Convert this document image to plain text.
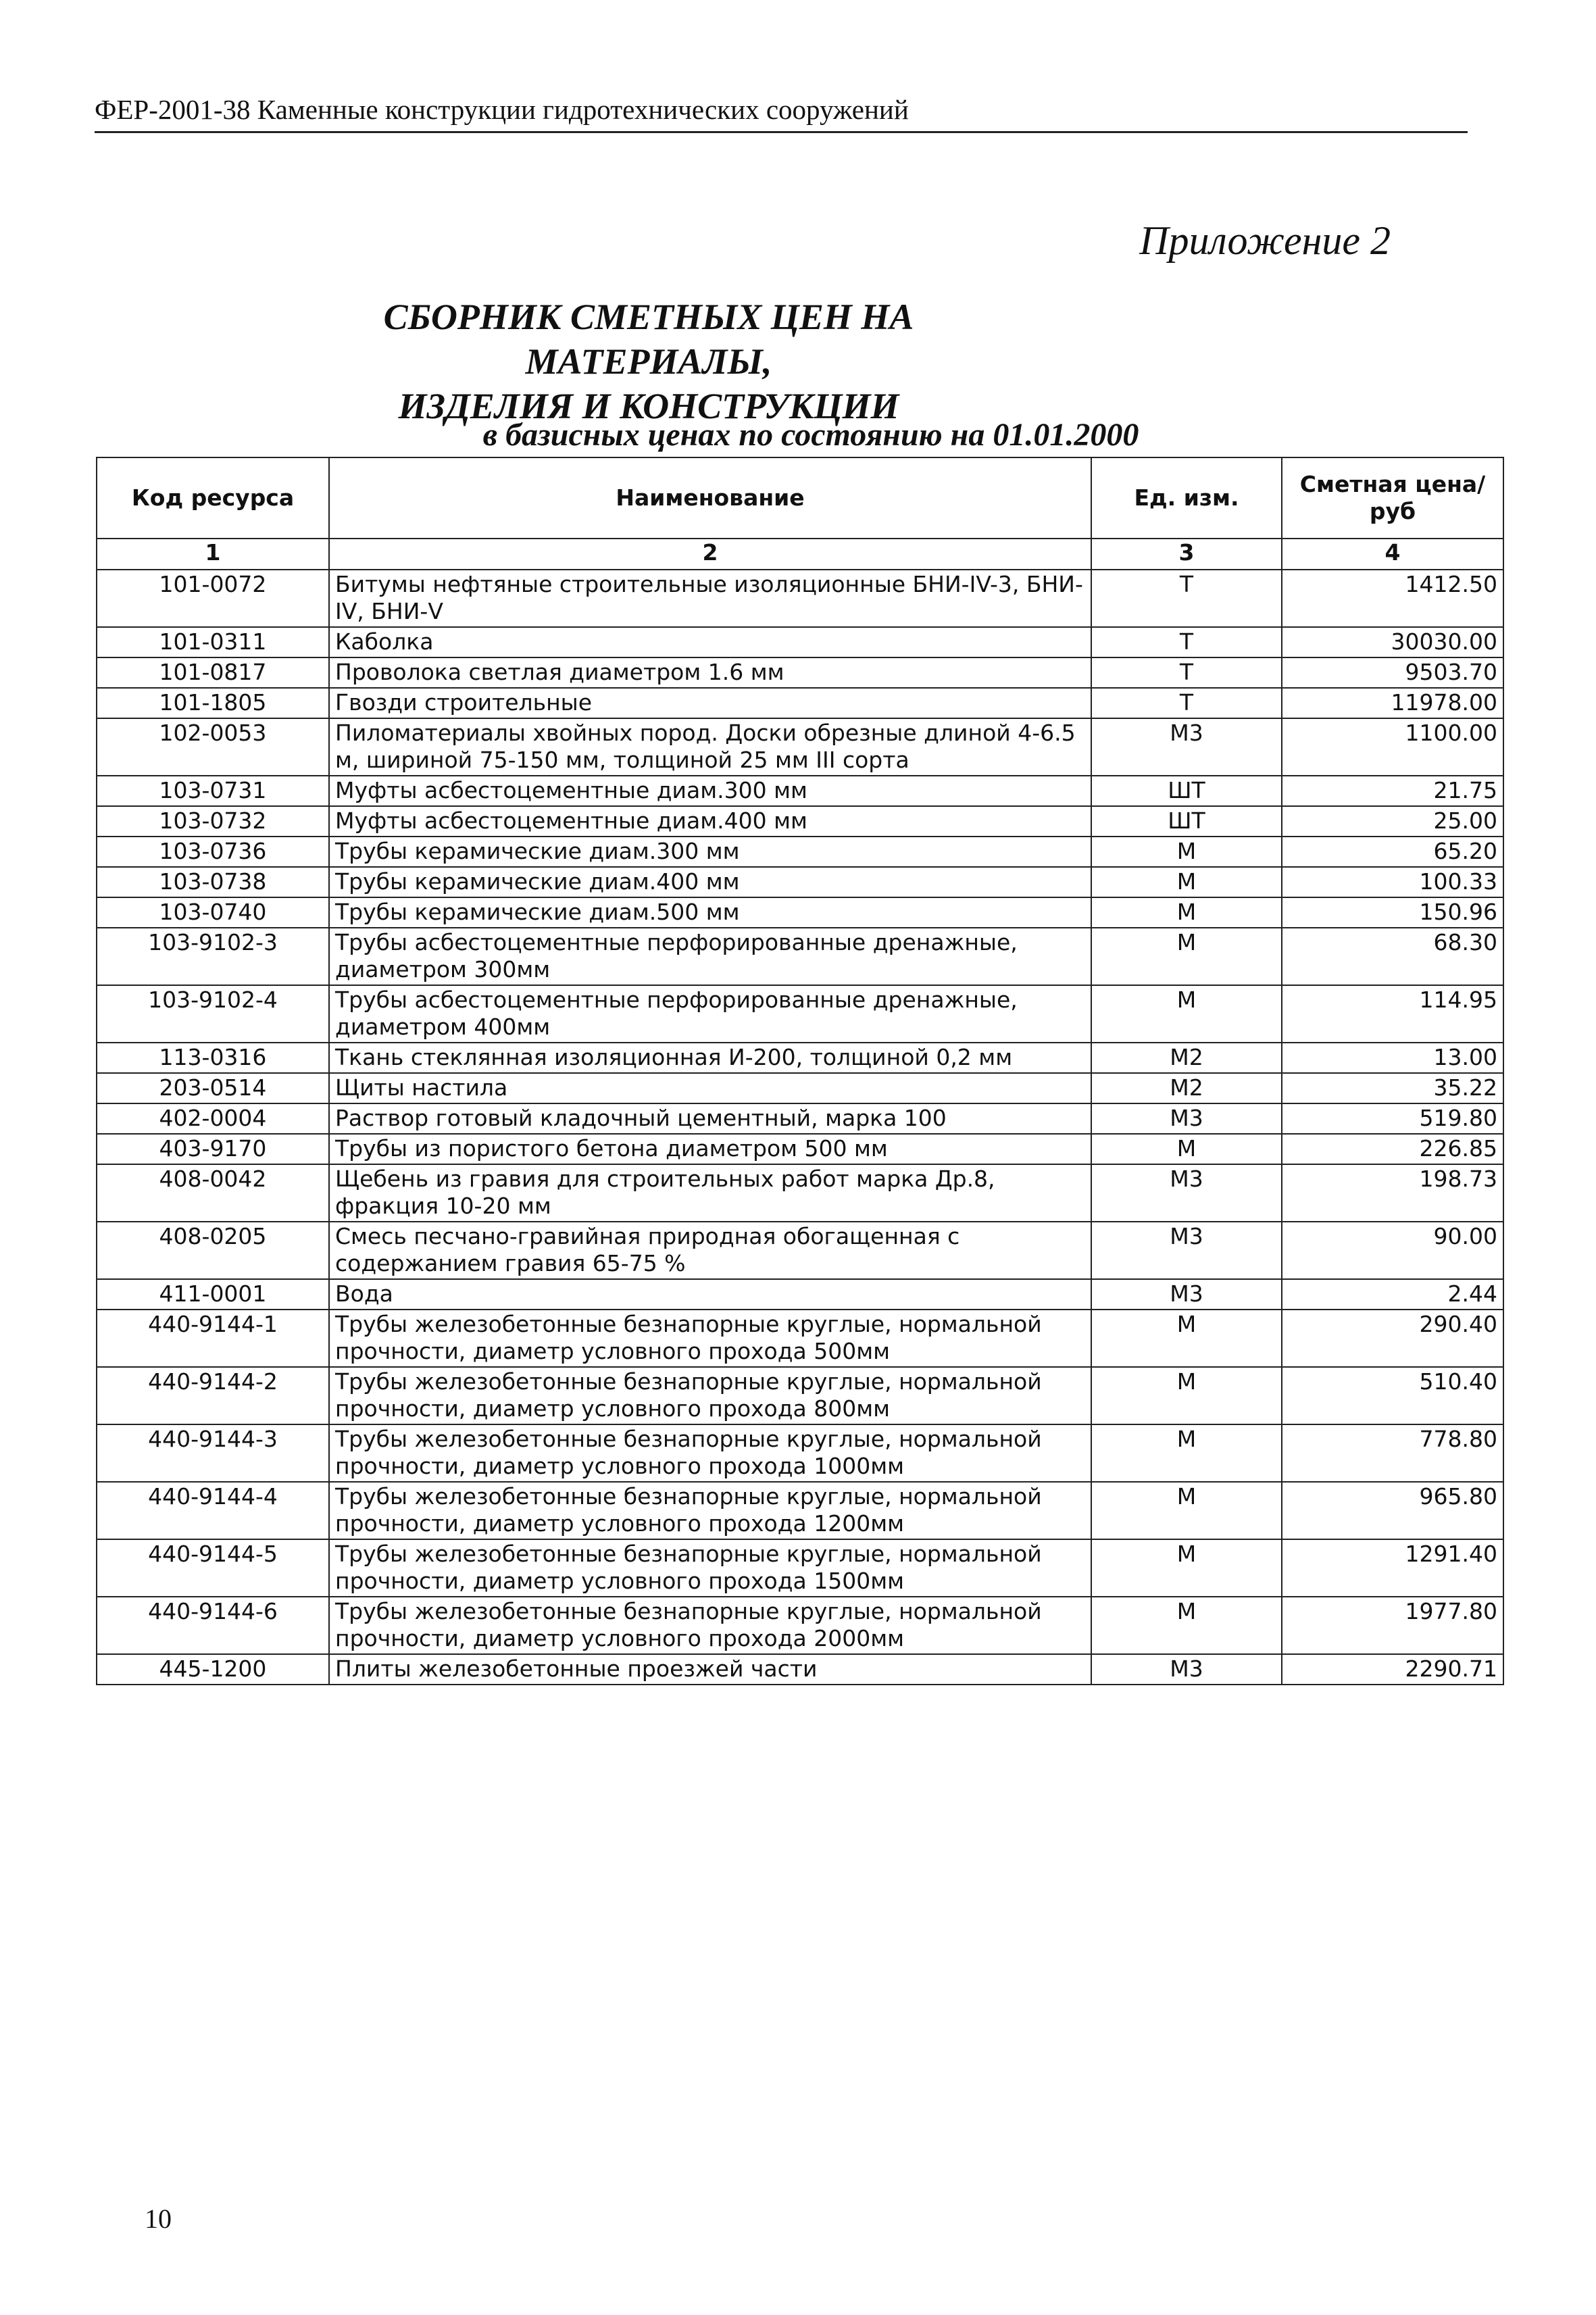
ФЕР-2001-38 Каменные конструкции гидротехнических сооружений
Приложение 2
СБОРНИК СМЕТНЫХ ЦЕН НА МАТЕРИАЛЫ,
ИЗДЕЛИЯ И КОНСТРУКЦИИ
в базисных ценах по состоянию на 01.01.2000
Код ресурса	Наименование	Ед. изм.	Сметная цена/руб
1	2	3	4
101-0072	Битумы нефтяные строительные изоляционные БНИ-IV-3, БНИ-IV, БНИ-V	Т	1412.50
101-0311	Каболка	Т	30030.00
101-0817	Проволока светлая диаметром 1.6 мм	Т	9503.70
101-1805	Гвозди строительные	Т	11978.00
102-0053	Пиломатериалы хвойных пород. Доски обрезные длиной 4-6.5 м, шириной 75-150 мм, толщиной 25 мм III сорта	М3	1100.00
103-0731	Муфты асбестоцементные диам.300 мм	ШТ	21.75
103-0732	Муфты асбестоцементные диам.400 мм	ШТ	25.00
103-0736	Трубы керамические диам.300 мм	М	65.20
103-0738	Трубы керамические диам.400 мм	М	100.33
103-0740	Трубы керамические диам.500 мм	М	150.96
103-9102-3	Трубы асбестоцементные перфорированные дренажные, диаметром 300мм	М	68.30
103-9102-4	Трубы асбестоцементные перфорированные дренажные, диаметром 400мм	М	114.95
113-0316	Ткань стеклянная изоляционная И-200, толщиной 0,2 мм	М2	13.00
203-0514	Щиты настила	М2	35.22
402-0004	Раствор готовый кладочный цементный, марка 100	М3	519.80
403-9170	Трубы из пористого бетона диаметром 500 мм	М	226.85
408-0042	Щебень из гравия для строительных работ марка Др.8, фракция 10-20 мм	М3	198.73
408-0205	Смесь песчано-гравийная природная обогащенная с содержанием гравия 65-75 %	М3	90.00
411-0001	Вода	М3	2.44
440-9144-1	Трубы железобетонные безнапорные круглые, нормальной прочности, диаметр условного прохода 500мм	М	290.40
440-9144-2	Трубы железобетонные безнапорные круглые, нормальной прочности, диаметр условного прохода 800мм	М	510.40
440-9144-3	Трубы железобетонные безнапорные круглые, нормальной прочности, диаметр условного прохода 1000мм	М	778.80
440-9144-4	Трубы железобетонные безнапорные круглые, нормальной прочности, диаметр условного прохода 1200мм	М	965.80
440-9144-5	Трубы железобетонные безнапорные круглые, нормальной прочности, диаметр условного прохода 1500мм	М	1291.40
440-9144-6	Трубы железобетонные безнапорные круглые, нормальной прочности, диаметр условного прохода 2000мм	М	1977.80
445-1200	Плиты железобетонные проезжей части	М3	2290.71
10
